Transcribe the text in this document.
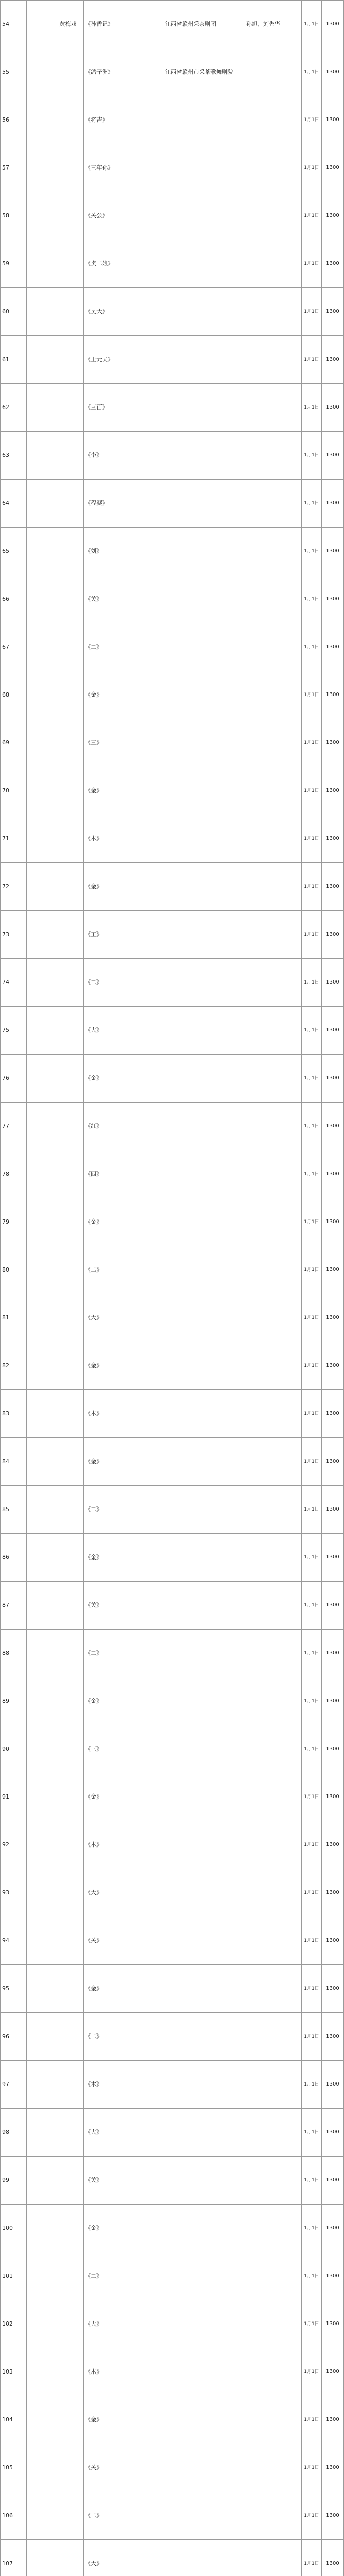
54		黄梅戏	《孙香记》	江西省赣州采茶剧团	孙旭、刘先华	1月1日	1300
55			《鸽子洲》	江西省赣州市采茶歌舞剧院		1月1日	1300
56			《将吉》			1月1日	1300
57			《三年孙》			1月1日	1300
58			《关公》			1月1日	1300
59			《贞二娘》			1月1日	1300
60			《吴大》			1月1日	1300
61			《上元夫》			1月1日	1300
62			《三百》			1月1日	1300
63			《李》			1月1日	1300
64			《程婴》			1月1日	1300
65			《刘》			1月1日	1300
66			《关》			1月1日	1300
67			《二》			1月1日	1300
68			《金》			1月1日	1300
69			《三》			1月1日	1300
70			《金》			1月1日	1300
71			《木》			1月1日	1300
72			《金》			1月1日	1300
73			《工》			1月1日	1300
74			《二》			1月1日	1300
75			《大》			1月1日	1300
76			《金》			1月1日	1300
77			《红》			1月1日	1300
78			《四》			1月1日	1300
79			《金》			1月1日	1300
80			《二》			1月1日	1300
81			《大》			1月1日	1300
82			《金》			1月1日	1300
83			《木》			1月1日	1300
84			《金》			1月1日	1300
85			《二》			1月1日	1300
86			《金》			1月1日	1300
87			《关》			1月1日	1300
88			《二》			1月1日	1300
89			《金》			1月1日	1300
90			《三》			1月1日	1300
91			《金》			1月1日	1300
92			《木》			1月1日	1300
93			《大》			1月1日	1300
94			《关》			1月1日	1300
95			《金》			1月1日	1300
96			《二》			1月1日	1300
97			《木》			1月1日	1300
98			《大》			1月1日	1300
99			《关》			1月1日	1300
100			《金》			1月1日	1300
101			《二》			1月1日	1300
102			《大》			1月1日	1300
103			《木》			1月1日	1300
104			《金》			1月1日	1300
105			《关》			1月1日	1300
106			《二》			1月1日	1300
107			《大》			1月1日	1300
